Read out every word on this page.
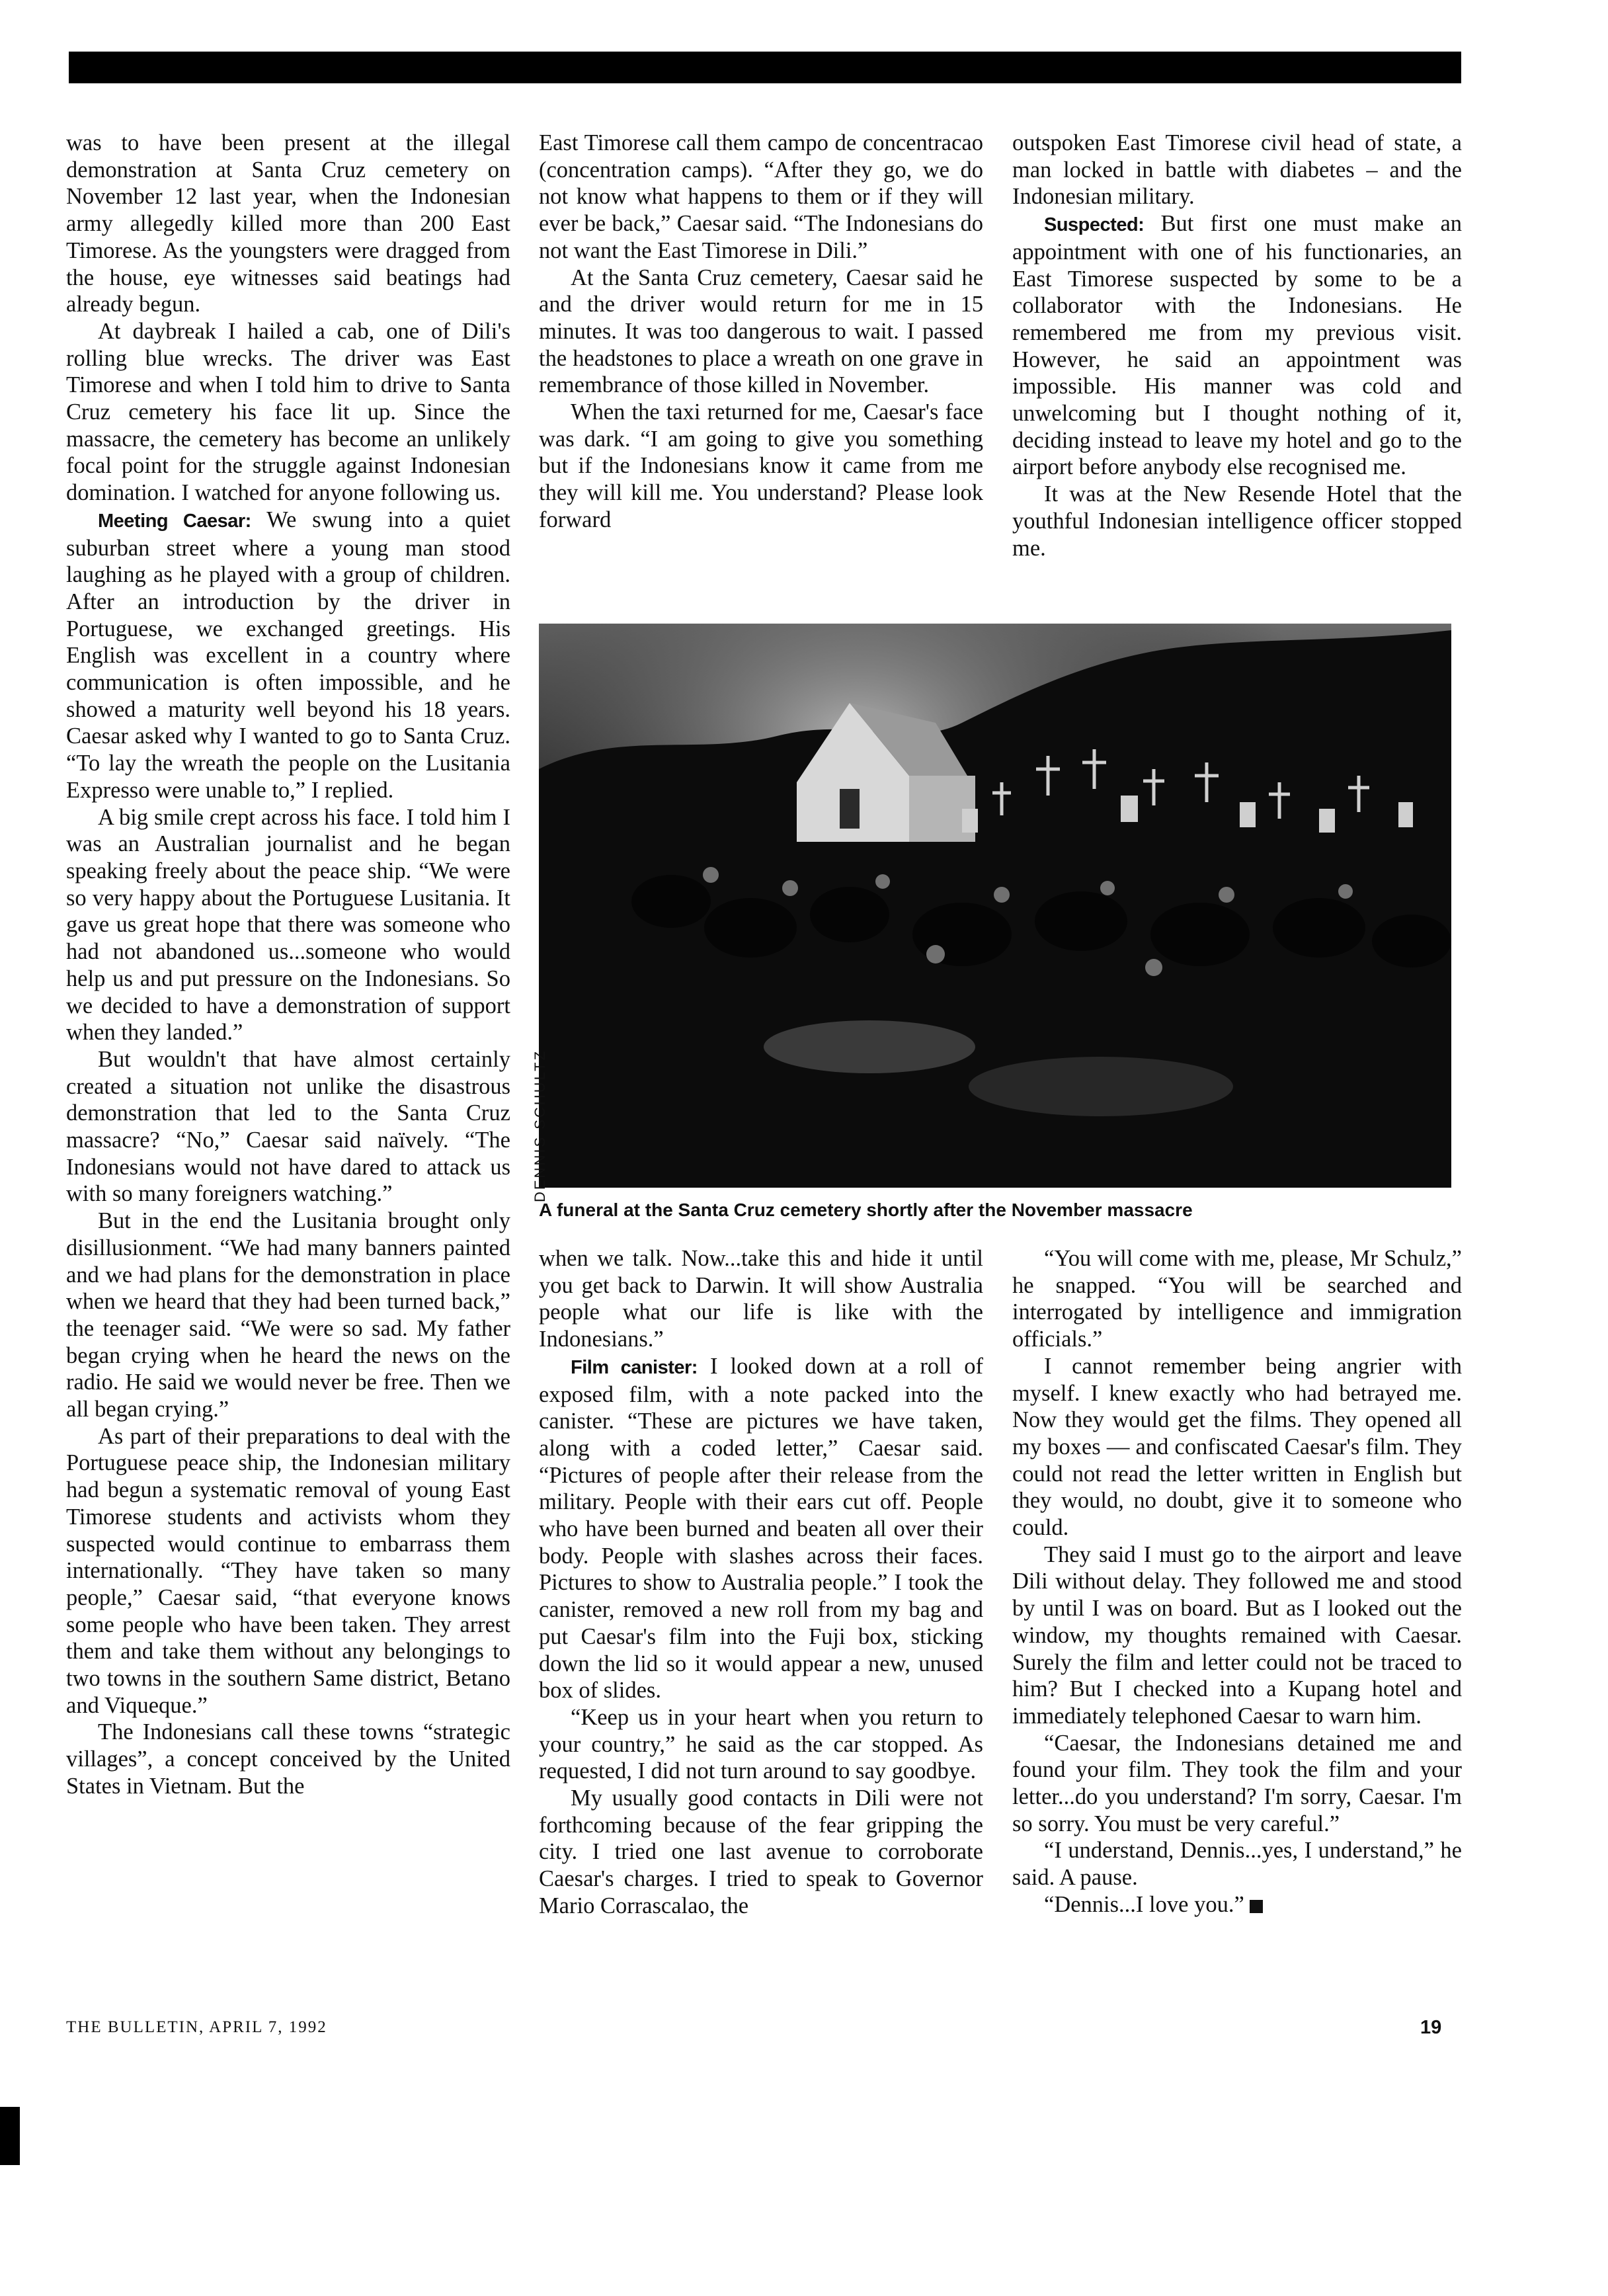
was to have been present at the illegal demonstration at Santa Cruz cemetery on November 12 last year, when the Indonesian army allegedly killed more than 200 East Timorese. As the youngsters were dragged from the house, eye witnesses said beatings had already begun.

At daybreak I hailed a cab, one of Dili's rolling blue wrecks. The driver was East Timorese and when I told him to drive to Santa Cruz cemetery his face lit up. Since the massacre, the cemetery has become an unlikely focal point for the struggle against Indonesian domination. I watched for anyone following us.

Meeting Caesar: We swung into a quiet suburban street where a young man stood laughing as he played with a group of children. After an introduction by the driver in Portuguese, we exchanged greetings. His English was excellent in a country where communication is often impossible, and he showed a maturity well beyond his 18 years. Caesar asked why I wanted to go to Santa Cruz. “To lay the wreath the people on the Lusitania Expresso were unable to,” I replied.

A big smile crept across his face. I told him I was an Australian journalist and he began speaking freely about the peace ship. “We were so very happy about the Portuguese Lusitania. It gave us great hope that there was someone who had not abandoned us...someone who would help us and put pressure on the Indonesians. So we decided to have a demonstration of support when they landed.”

But wouldn't that have almost certainly created a situation not unlike the disastrous demonstration that led to the Santa Cruz massacre? “No,” Caesar said naïvely. “The Indonesians would not have dared to attack us with so many foreigners watching.”

But in the end the Lusitania brought only disillusionment. “We had many banners painted and we had plans for the demonstration in place when we heard that they had been turned back,” the teenager said. “We were so sad. My father began crying when he heard the news on the radio. He said we would never be free. Then we all began crying.”

As part of their preparations to deal with the Portuguese peace ship, the Indonesian military had begun a systematic removal of young East Timorese students and activists whom they suspected would continue to embarrass them internationally. “They have taken so many people,” Caesar said, “that everyone knows some people who have been taken. They arrest them and take them without any belongings to two towns in the southern Same district, Betano and Viqueque.”

The Indonesians call these towns “strategic villages”, a concept conceived by the United States in Vietnam. But the

East Timorese call them campo de concentracao (concentration camps). “After they go, we do not know what happens to them or if they will ever be back,” Caesar said. “The Indonesians do not want the East Timorese in Dili.”

At the Santa Cruz cemetery, Caesar said he and the driver would return for me in 15 minutes. It was too dangerous to wait. I passed the headstones to place a wreath on one grave in remembrance of those killed in November.

When the taxi returned for me, Caesar's face was dark. “I am going to give you something but if the Indonesians know it came from me they will kill me. You understand? Please look forward

outspoken East Timorese civil head of state, a man locked in battle with diabetes – and the Indonesian military.

Suspected: But first one must make an appointment with one of his functionaries, an East Timorese suspected by some to be a collaborator with the Indonesians. He remembered me from my previous visit. However, he said an appointment was impossible. His manner was cold and unwelcoming but I thought nothing of it, deciding instead to leave my hotel and go to the airport before anybody else recognised me.

It was at the New Resende Hotel that the youthful Indonesian intelligence officer stopped me.

DENNIS SCHULTZ
A funeral at the Santa Cruz cemetery shortly after the November massacre

when we talk. Now...take this and hide it until you get back to Darwin. It will show Australia people what our life is like with the Indonesians.”

Film canister: I looked down at a roll of exposed film, with a note packed into the canister. “These are pictures we have taken, along with a coded letter,” Caesar said. “Pictures of people after their release from the military. People with their ears cut off. People who have been burned and beaten all over their body. People with slashes across their faces. Pictures to show to Australia people.” I took the canister, removed a new roll from my bag and put Caesar's film into the Fuji box, sticking down the lid so it would appear a new, unused box of slides.

“Keep us in your heart when you return to your country,” he said as the car stopped. As requested, I did not turn around to say goodbye.

My usually good contacts in Dili were not forthcoming because of the fear gripping the city. I tried one last avenue to corroborate Caesar's charges. I tried to speak to Governor Mario Corrascalao, the

“You will come with me, please, Mr Schulz,” he snapped. “You will be searched and interrogated by intelligence and immigration officials.”

I cannot remember being angrier with myself. I knew exactly who had betrayed me. Now they would get the films. They opened all my boxes — and confiscated Caesar's film. They could not read the letter written in English but they would, no doubt, give it to someone who could.

They said I must go to the airport and leave Dili without delay. They followed me and stood by until I was on board. But as I looked out the window, my thoughts remained with Caesar. Surely the film and letter could not be traced to him? But I checked into a Kupang hotel and immediately telephoned Caesar to warn him.

“Caesar, the Indonesians detained me and found your film. They took the film and your letter...do you understand? I'm sorry, Caesar. I'm so sorry. You must be very careful.”

“I understand, Dennis...yes, I understand,” he said. A pause.

“Dennis...I love you.”

THE BULLETIN, APRIL 7, 1992	19
